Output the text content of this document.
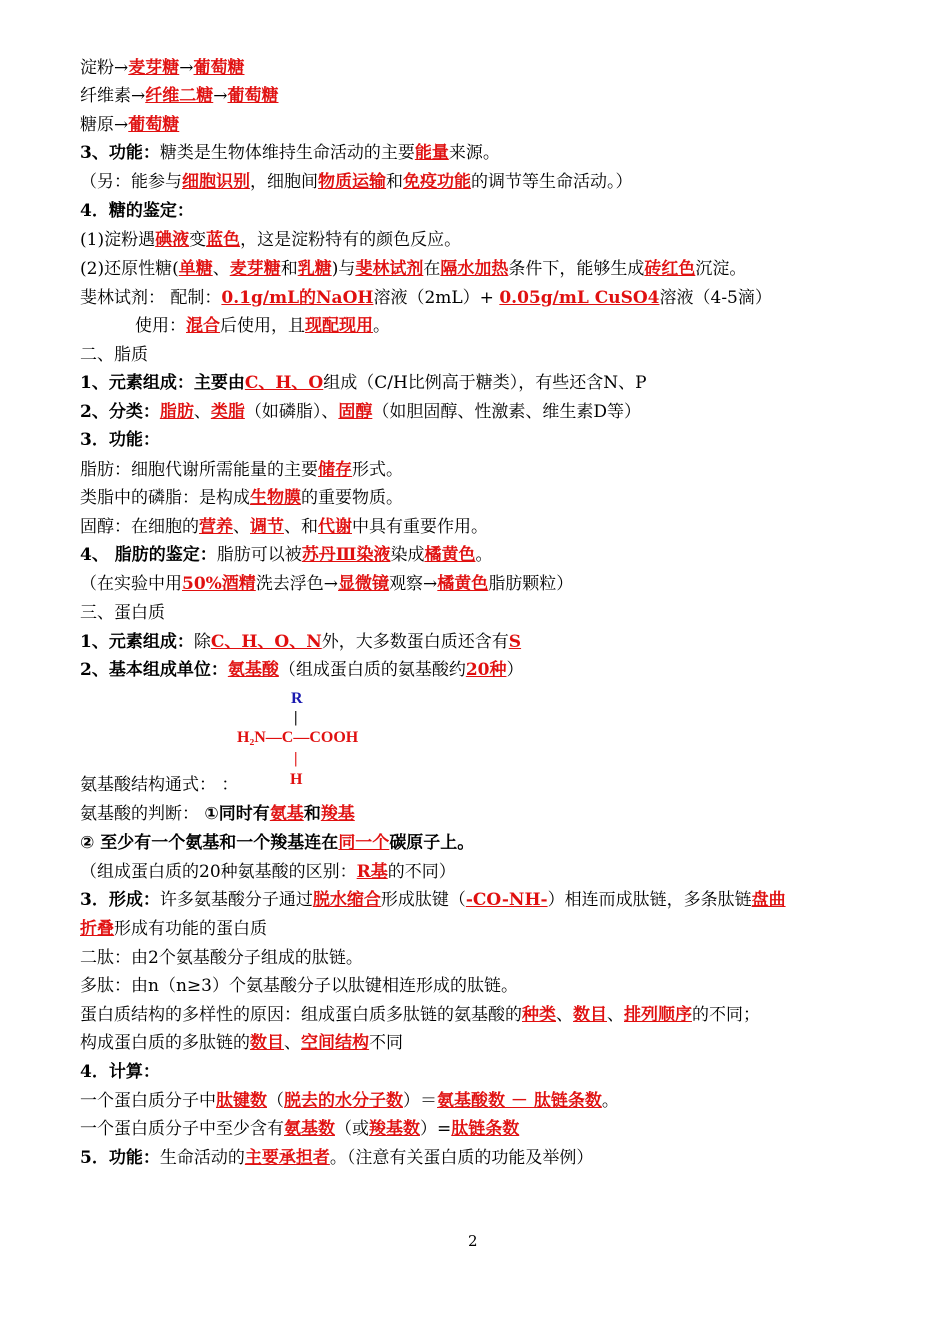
淀粉→麦芽糖→葡萄糖
纤维素→纤维二糖→葡萄糖
糖原→葡萄糖
3、功能：糖类是生物体维持生命活动的主要能量来源。
（另：能参与细胞识别，细胞间物质运输和免疫功能的调节等生命活动。）
4．糖的鉴定：
(1)淀粉遇碘液变蓝色，这是淀粉特有的颜色反应。
(2)还原性糖(单糖、麦芽糖和乳糖)与斐林试剂在隔水加热条件下，能够生成砖红色沉淀。
斐林试剂： 配制：0.1g/mL的NaOH溶液（2mL）+ 0.05g/mL CuSO4溶液（4-5滴）
使用：混合后使用，且现配现用。
二、脂质
1、元素组成：主要由C、H、O组成（C/H比例高于糖类），有些还含N、P
2、分类：脂肪、类脂（如磷脂）、固醇（如胆固醇、性激素、维生素D等）
3．功能：
脂肪：细胞代谢所需能量的主要储存形式。
类脂中的磷脂：是构成生物膜的重要物质。
固醇：在细胞的营养、调节、和代谢中具有重要作用。
4、 脂肪的鉴定：脂肪可以被苏丹Ⅲ染液染成橘黄色。
（在实验中用50%酒精洗去浮色→显微镜观察→橘黄色脂肪颗粒）
三、蛋白质
1、元素组成：除C、H、O、N外，大多数蛋白质还含有S
2、基本组成单位：氨基酸（组成蛋白质的氨基酸约20种）
氨基酸结构通式： ：
氨基酸的判断： ①同时有氨基和羧基
② 至少有一个氨基和一个羧基连在同一个碳原子上。
（组成蛋白质的20种氨基酸的区别：R基的不同）
3．形成：许多氨基酸分子通过脱水缩合形成肽键（-CO-NH-）相连而成肽链，多条肽链盘曲
折叠形成有功能的蛋白质
二肽：由2个氨基酸分子组成的肽链。
多肽：由n（n≥3）个氨基酸分子以肽键相连形成的肽链。
蛋白质结构的多样性的原因：组成蛋白质多肽链的氨基酸的种类、数目、排列顺序的不同；
构成蛋白质的多肽链的数目、空间结构不同
4．计算：
一个蛋白质分子中肽键数（脱去的水分子数）＝氨基酸数 － 肽链条数。
一个蛋白质分子中至少含有氨基数（或羧基数）=肽链条数
5．功能：生命活动的主要承担者。（注意有关蛋白质的功能及举例）
R
|
H₂N—C—COOH
|
H
2
